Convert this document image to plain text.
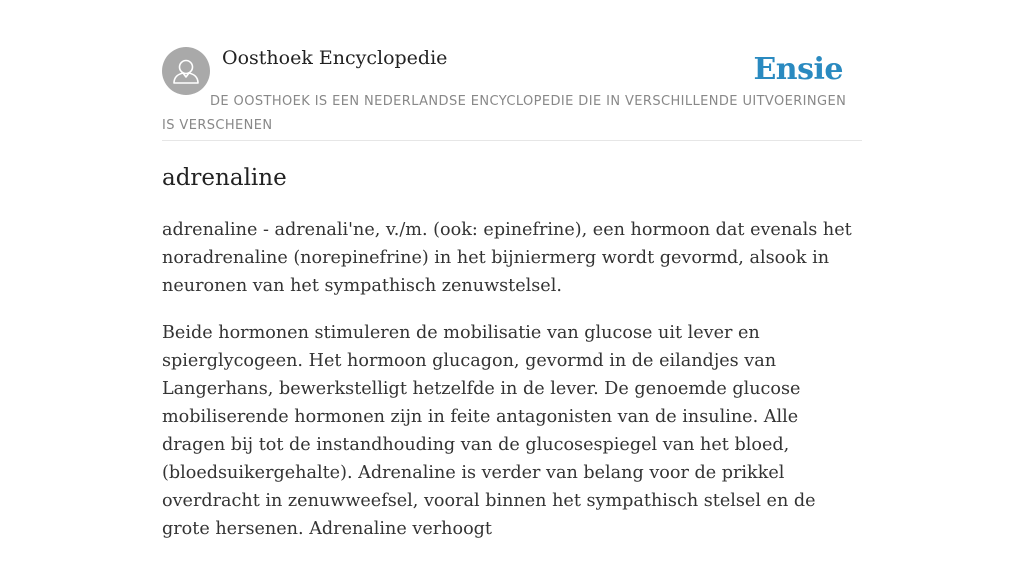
Oosthoek Encyclopedie	Ensie
DE OOSTHOEK IS EEN NEDERLANDSE ENCYCLOPEDIE DIE IN VERSCHILLENDE UITVOERINGEN IS VERSCHENEN
adrenaline

adrenaline - adrenali'ne, v./m. (ook: epinefrine), een hormoon dat evenals het noradrenaline (norepinefrine) in het bijniermerg wordt gevormd, alsook in neuronen van het sympathisch zenuwstelsel.

Beide hormonen stimuleren de mobilisatie van glucose uit lever en spierglycogeen. Het hormoon glucagon, gevormd in de eilandjes van Langerhans, bewerkstelligt hetzelfde in de lever. De genoemde glucose mobiliserende hormonen zijn in feite antagonisten van de insuline. Alle dragen bij tot de instandhouding van de glucosespiegel van het bloed, (bloedsuikergehalte). Adrenaline is verder van belang voor de prikkel overdracht in zenuwweefsel, vooral binnen het sympathisch stelsel en de grote hersenen. Adrenaline verhoogt
